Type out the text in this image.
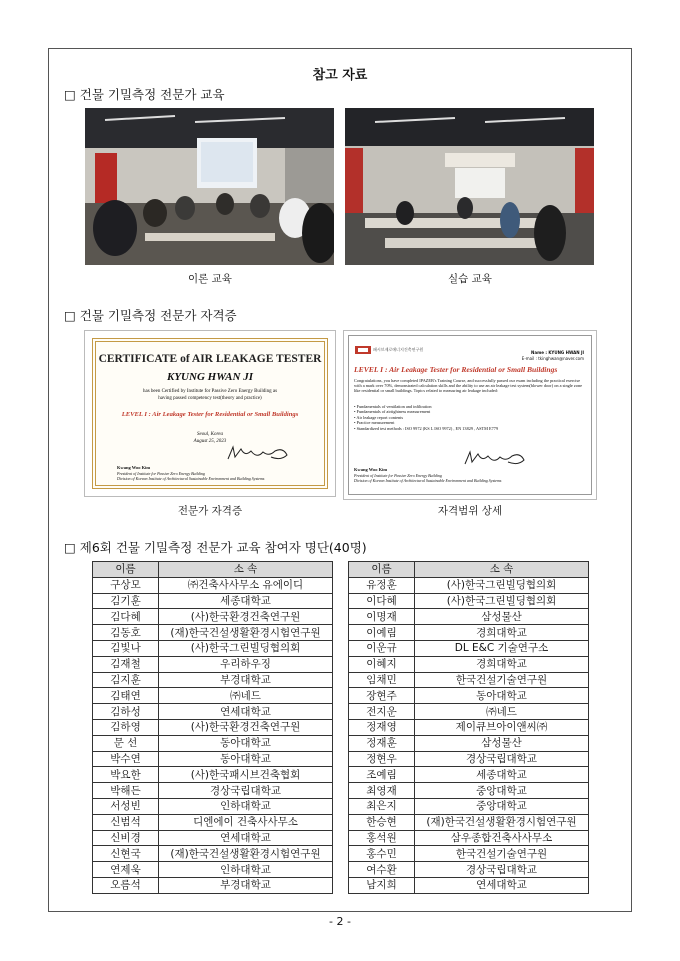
참고 자료
□ 건물 기밀측정 전문가 교육
이론 교육	실습 교육
□ 건물 기밀측정 전문가 자격증
CERTIFICATE of AIR LEAKAGE TESTER
KYUNG HWAN JI
has been Certified by Institute for Passive Zero Energy Building as
having passed competency test(theory and practice)
LEVEL I : Air Leakage Tester for Residential or Small Buildings
Seoul, Korea
August 25, 2023
Kwang Woo Kim
President of Institute for Passive Zero Energy Building
Division of Korean Institute of Architectural Sustainable Environment and Building Systems
패시브제로에너지건축연구원
Name : KYUNG HWAN JI
E-mail : tkinghwan@naver.com
LEVEL I : Air Leakage Tester for Residential or Small Buildings
Congratulations, you have completed IPAZEB's Training Course, and successfully passed our exam including the practical exercise with a mark over 70%, demonstrated calculation skills and the ability to use an air leakage test system(blower door) on a single zone like residential or small buildings. Topics related to measuring air leakage included:
• Fundamentals of ventilation and infiltration
• Fundamentals of airtightness measurement
• Air leakage report contents
• Practice measurement
• Standardized test methods : ISO 9972 (KS L ISO 9972) , EN 13829 , ASTM E779
Kwang Woo Kim
President of Institute for Passive Zero Energy Building
Division of Korean Institute of Architectural Sustainable Environment and Building Systems
전문가 자격증	자격범위 상세
□ 제6회 건물 기밀측정 전문가 교육 참여자 명단(40명)
이름	소 속
구상모	㈜건축사사무소 유에이디
김기훈	세종대학교
김다혜	(사)한국환경건축연구원
김동호	(재)한국건설생활환경시험연구원
김빛나	(사)한국그린빌딩협의회
김재철	우리하우징
김지훈	부경대학교
김태연	㈜네드
김하성	연세대학교
김하영	(사)한국환경건축연구원
문 선	동아대학교
박수연	동아대학교
박요한	(사)한국패시브건축협회
박해든	경상국립대학교
서성빈	인하대학교
신범석	디엔에이 건축사사무소
신비경	연세대학교
신현국	(재)한국건설생활환경시험연구원
연제욱	인하대학교
오름석	부경대학교
이름	소 속
유정훈	(사)한국그린빌딩협의회
이다혜	(사)한국그린빌딩협의회
이명재	삼성물산
이예림	경희대학교
이운규	DL E&C 기술연구소
이혜지	경희대학교
임채민	한국건설기술연구원
장현주	동아대학교
전지운	㈜네드
정재영	제이큐브아이앤씨㈜
정재훈	삼성물산
정현우	경상국립대학교
조예림	세종대학교
최영재	중앙대학교
최은지	중앙대학교
한승현	(재)한국건설생활환경시험연구원
홍석원	삼우종합건축사사무소
홍수민	한국건설기술연구원
여수환	경상국립대학교
남지희	연세대학교
- 2 -
